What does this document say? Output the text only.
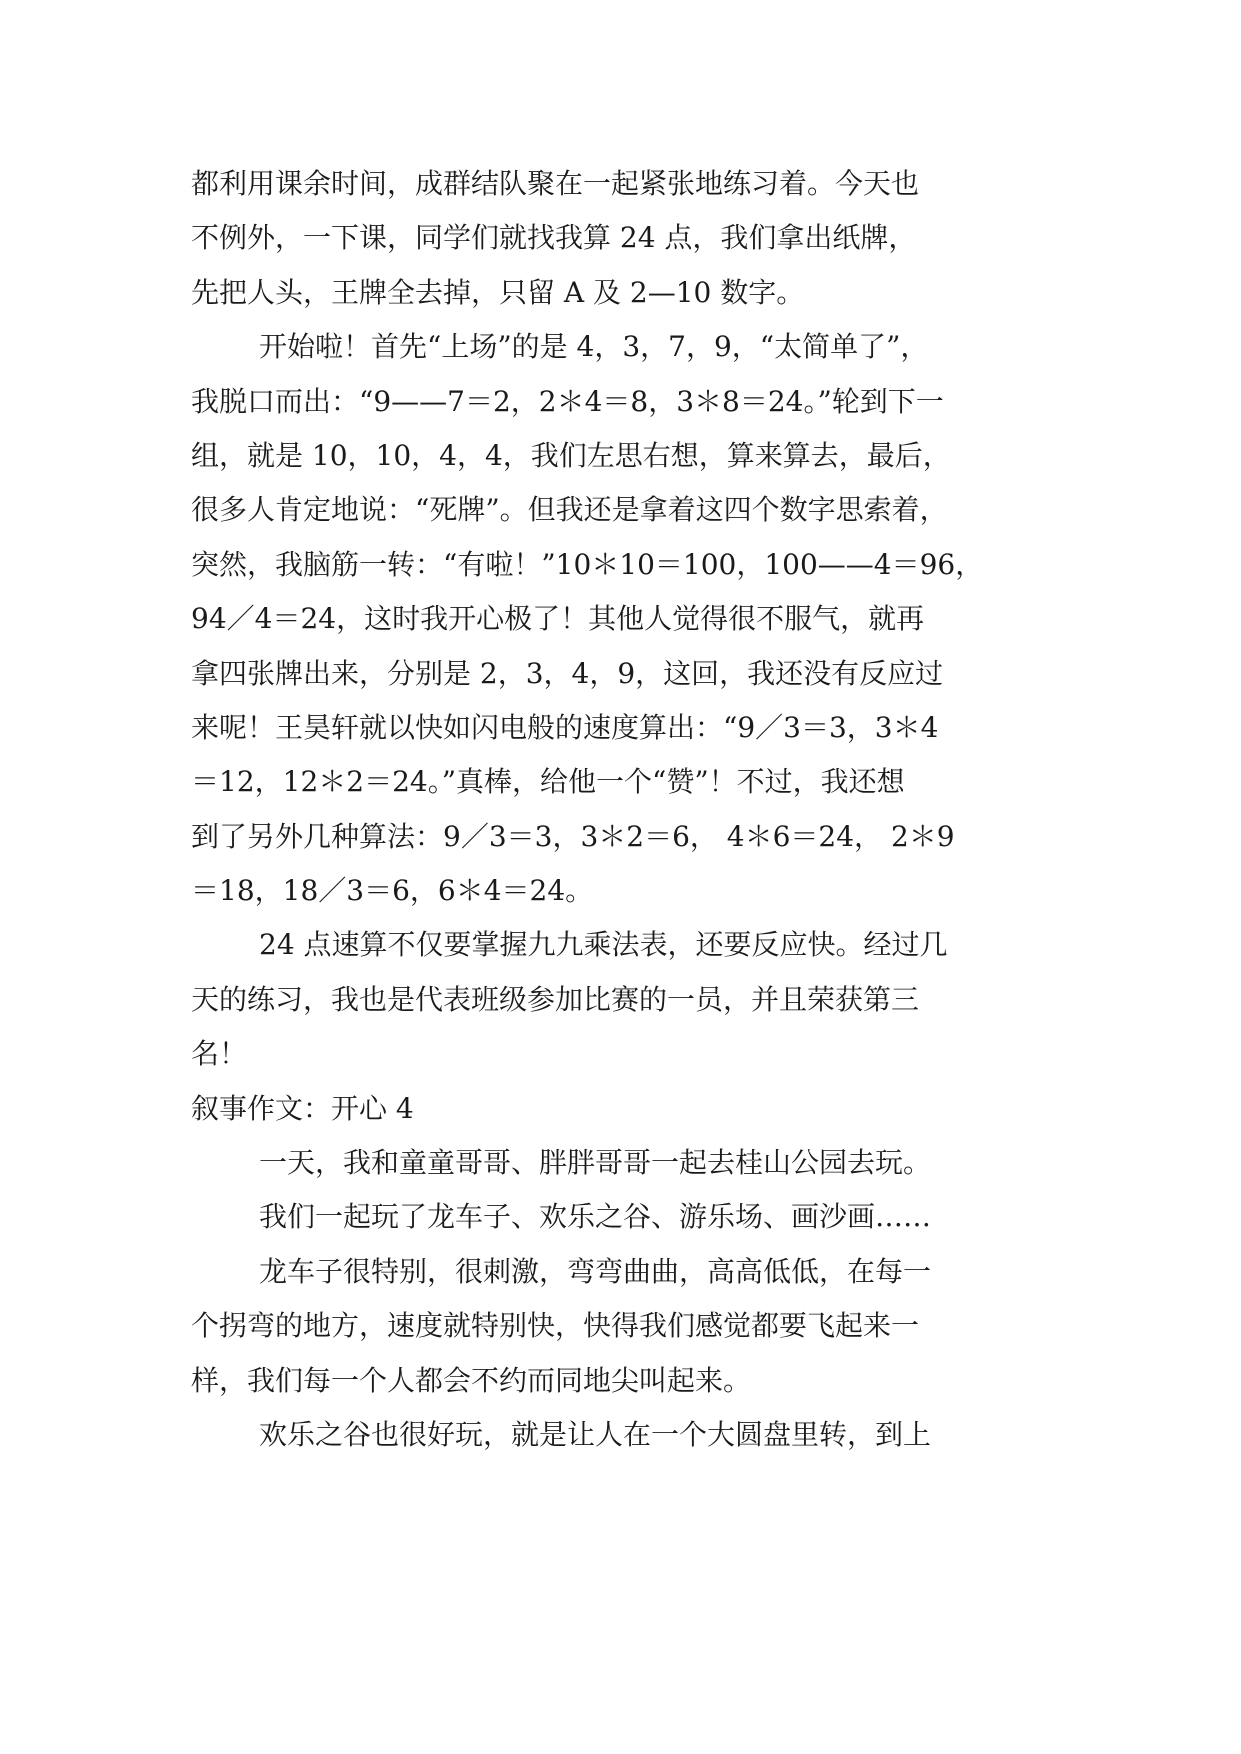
都利用课余时间，成群结队聚在一起紧张地练习着。今天也

不例外，一下课，同学们就找我算 24 点，我们拿出纸牌，

先把人头，王牌全去掉，只留 A 及 2—10 数字。

开始啦！首先“上场”的是 4，3，7，9，“太简单了”，

我脱口而出：“9——7＝2，2＊4＝8，3＊8＝24。”轮到下一

组，就是 10，10，4，4，我们左思右想，算来算去，最后，

很多人肯定地说：“死牌”。但我还是拿着这四个数字思索着，

突然，我脑筋一转：“有啦！”10＊10＝100，100——4＝96，

94／4＝24，这时我开心极了！其他人觉得很不服气，就再

拿四张牌出来，分别是 2，3，4，9，这回，我还没有反应过

来呢！王昊轩就以快如闪电般的速度算出：“9／3＝3，3＊4

＝12，12＊2＝24。”真棒，给他一个“赞”！不过，我还想

到了另外几种算法：9／3＝3，3＊2＝6， 4＊6＝24， 2＊9

＝18，18／3＝6，6＊4＝24。

24 点速算不仅要掌握九九乘法表，还要反应快。经过几

天的练习，我也是代表班级参加比赛的一员，并且荣获第三

名！

叙事作文：开心 4

一天，我和童童哥哥、胖胖哥哥一起去桂山公园去玩。

我们一起玩了龙车子、欢乐之谷、游乐场、画沙画……

龙车子很特别，很刺激，弯弯曲曲，高高低低，在每一

个拐弯的地方，速度就特别快，快得我们感觉都要飞起来一

样，我们每一个人都会不约而同地尖叫起来。

欢乐之谷也很好玩，就是让人在一个大圆盘里转，到上
